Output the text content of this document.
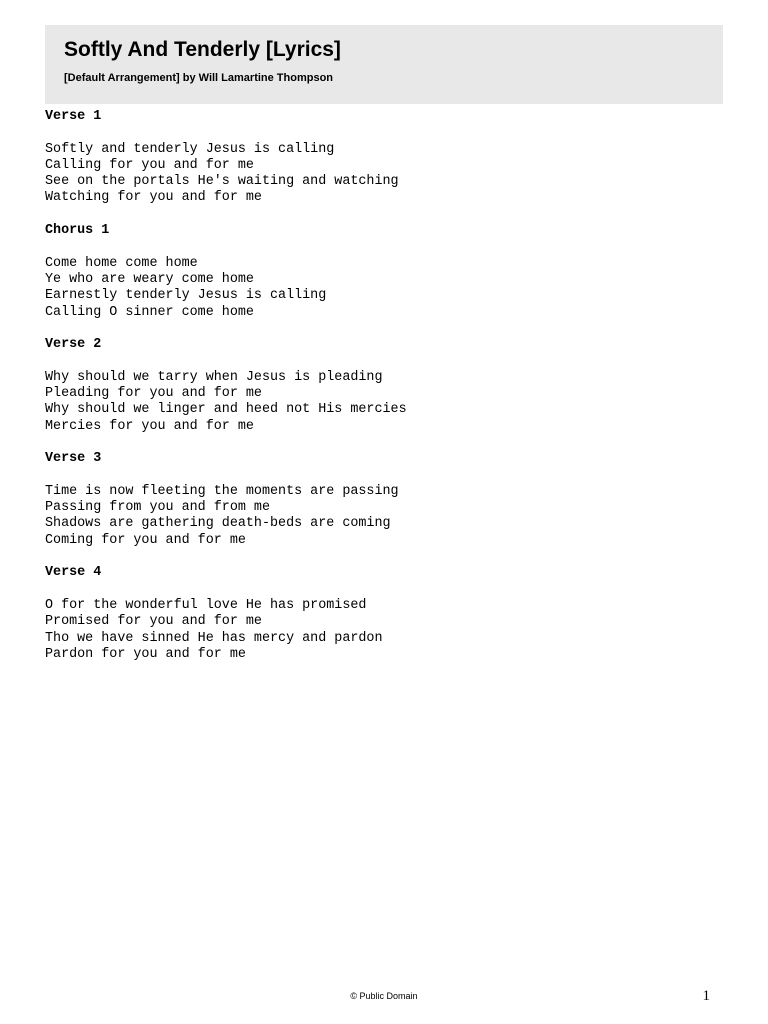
Softly And Tenderly [Lyrics]

[Default Arrangement] by Will Lamartine Thompson

Verse 1
Softly and tenderly Jesus is calling
Calling for you and for me
See on the portals He's waiting and watching
Watching for you and for me
Chorus 1
Come home come home
Ye who are weary come home
Earnestly tenderly Jesus is calling
Calling O sinner come home
Verse 2
Why should we tarry when Jesus is pleading
Pleading for you and for me
Why should we linger and heed not His mercies
Mercies for you and for me
Verse 3
Time is now fleeting the moments are passing
Passing from you and from me
Shadows are gathering death-beds are coming
Coming for you and for me
Verse 4
O for the wonderful love He has promised
Promised for you and for me
Tho we have sinned He has mercy and pardon
Pardon for you and for me
© Public Domain	1
